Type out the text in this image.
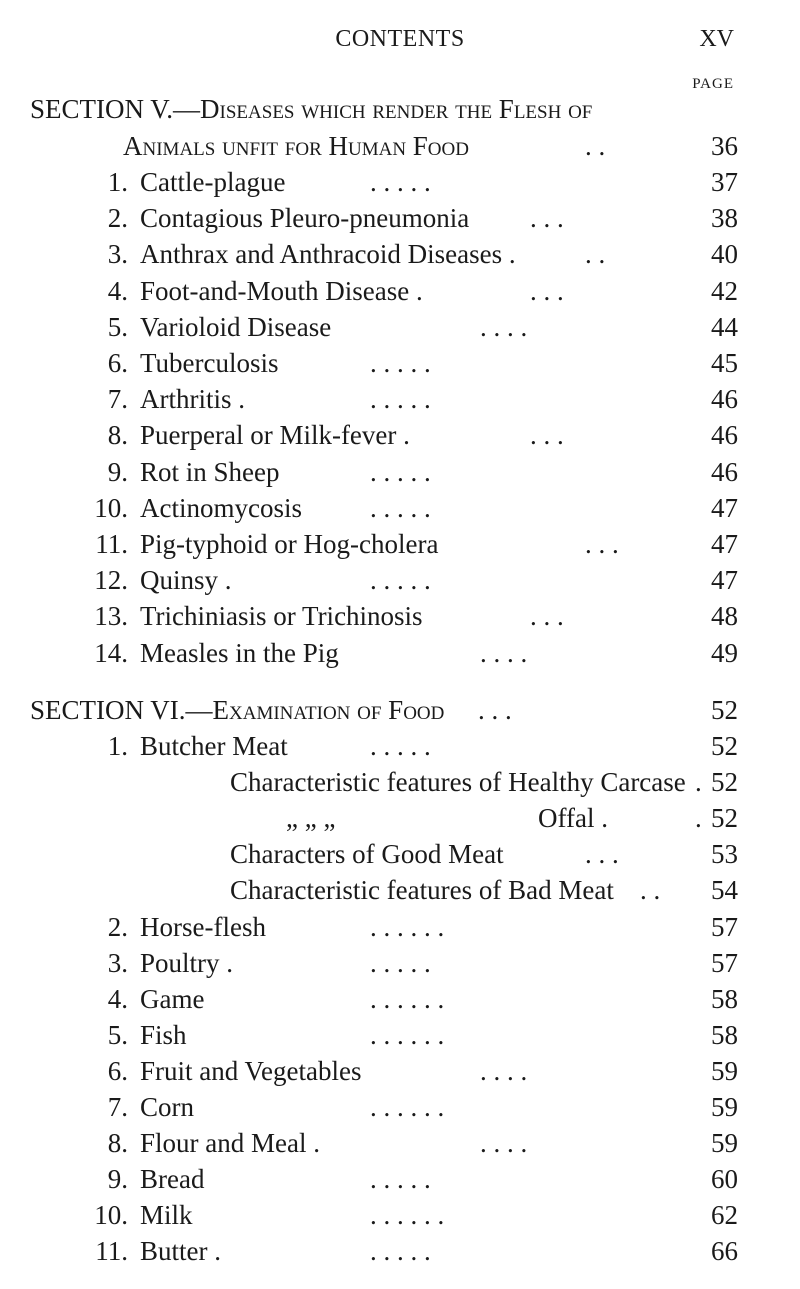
CONTENTS	XV
PAGE
SECTION V.—Diseases which render the Flesh of
Animals unfit for Human Food	. .	36
1. Cattle-plague	. . . . .	37
2. Contagious Pleuro-pneumonia . . .	38
3. Anthrax and Anthracoid Diseases .	. .	40
4. Foot-and-Mouth Disease .	. . .	42
5. Varioloid Disease	. . . .	44
6. Tuberculosis	. . . . .	45
7. Arthritis .	. . . . .	46
8. Puerperal or Milk-fever .	. . .	46
9. Rot in Sheep	. . . . .	46
10. Actinomycosis	. . . . .	47
11. Pig-typhoid or Hog-cholera	. . .	47
12. Quinsy .	. . . . .	47
13. Trichiniasis or Trichinosis	. . .	48
14. Measles in the Pig	. . . .	49
SECTION VI.—Examination of Food . . .	52
1. Butcher Meat	. . . . .	52
Characteristic features of Healthy Carcase . 52
„ „ „	Offal .	. 52
Characters of Good Meat	. . .	53
Characteristic features of Bad Meat . . 54
2. Horse-flesh	. . . . . .	57
3. Poultry .	. . . . .	57
4. Game	. . . . . .	58
5. Fish	. . . . . .	58
6. Fruit and Vegetables	. . . .	59
7. Corn	. . . . . .	59
8. Flour and Meal .	. . . .	59
9. Bread	. . . . .	60
10. Milk	. . . . . .	62
11. Butter .	. . . . .	66
